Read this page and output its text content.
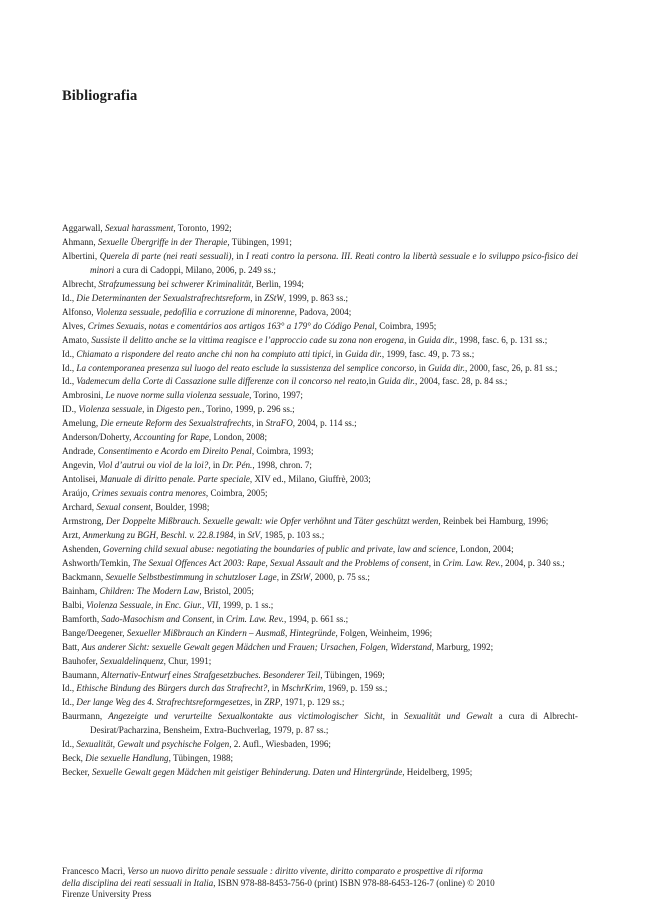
Bibliografia
Aggarwall, Sexual harassment, Toronto, 1992;
Ahmann, Sexuelle Übergriffe in der Therapie, Tübingen, 1991;
Albertini, Querela di parte (nei reati sessuali), in I reati contro la persona. III. Reati contro la libertà sessuale e lo sviluppo psico-fisico dei minori a cura di Cadoppi, Milano, 2006, p. 249 ss.;
Albrecht, Strafzumessung bei schwerer Kriminalität, Berlin, 1994;
Id., Die Determinanten der Sexualstrafrechtsreform, in ZStW, 1999, p. 863 ss.;
Alfonso, Violenza sessuale, pedofilia e corruzione di minorenne, Padova, 2004;
Alves, Crimes Sexuais, notas e comentários aos artigos 163° a 179° do Código Penal, Coimbra, 1995;
Amato, Sussiste il delitto anche se la vittima reagisce e l’approccio cade su zona non erogena, in Guida dir., 1998, fasc. 6, p. 131 ss.;
Id., Chiamato a rispondere del reato anche chi non ha compiuto atti tipici, in Guida dir., 1999, fasc. 49, p. 73 ss.;
Id., La contemporanea presenza sul luogo del reato esclude la sussistenza del semplice concorso, in Guida dir., 2000, fasc, 26, p. 81 ss.;
Id., Vademecum della Corte di Cassazione sulle differenze con il concorso nel reato,in Guida dir., 2004, fasc. 28, p. 84 ss.;
Ambrosini, Le nuove norme sulla violenza sessuale, Torino, 1997;
ID., Violenza sessuale, in Digesto pen., Torino, 1999, p. 296 ss.;
Amelung, Die erneute Reform des Sexualstrafrechts, in StraFO, 2004, p. 114 ss.;
Anderson/Doherty, Accounting for Rape, London, 2008;
Andrade, Consentimento e Acordo em Direito Penal, Coimbra, 1993;
Angevin, Viol d’autrui ou viol de la loi?, in Dr. Pén., 1998, chron. 7;
Antolisei, Manuale di diritto penale. Parte speciale, XIV ed., Milano, Giuffrè, 2003;
Araújo, Crimes sexuais contra menores, Coimbra, 2005;
Archard, Sexual consent, Boulder, 1998;
Armstrong, Der Doppelte Mißbrauch. Sexuelle gewalt: wie Opfer verhöhnt und Täter geschützt werden, Reinbek bei Hamburg, 1996;
Arzt, Anmerkung zu BGH, Beschl. v. 22.8.1984, in StV, 1985, p. 103 ss.;
Ashenden, Governing child sexual abuse: negotiating the boundaries of public and private, law and science, London, 2004;
Ashworth/Temkin, The Sexual Offences Act 2003: Rape, Sexual Assault and the Problems of consent, in Crim. Law. Rev., 2004, p. 340 ss.;
Backmann, Sexuelle Selbstbestimmung in schutzloser Lage, in ZStW, 2000, p. 75 ss.;
Bainham, Children: The Modern Law, Bristol, 2005;
Balbi, Violenza Sessuale, in Enc. Giur., VII, 1999, p. 1 ss.;
Bamforth, Sado-Masochism and Consent, in Crim. Law. Rev., 1994, p. 661 ss.;
Bange/Deegener, Sexueller Mißbrauch an Kindern – Ausmaß, Hintegründe, Folgen, Weinheim, 1996;
Batt, Aus anderer Sicht: sexuelle Gewalt gegen Mädchen und Frauen; Ursachen, Folgen, Widerstand, Marburg, 1992;
Bauhofer, Sexualdelinquenz, Chur, 1991;
Baumann, Alternativ-Entwurf eines Strafgesetzbuches. Besonderer Teil, Tübingen, 1969;
Id., Ethische Bindung des Bürgers durch das Strafrecht?, in MschrKrim, 1969, p. 159 ss.;
Id., Der lange Weg des 4. Strafrechtsreformgesetzes, in ZRP, 1971, p. 129 ss.;
Baurmann, Angezeigte und verurteilte Sexualkontakte aus victimologischer Sicht, in Sexualität und Gewalt a cura di Albrecht-Desirat/Pacharzina, Bensheim, Extra-Buchverlag, 1979, p. 87 ss.;
Id., Sexualität, Gewalt und psychische Folgen, 2. Aufl., Wiesbaden, 1996;
Beck, Die sexuelle Handlung, Tübingen, 1988;
Becker, Sexuelle Gewalt gegen Mädchen mit geistiger Behinderung. Daten und Hintergründe, Heidelberg, 1995;
Francesco Macrì, Verso un nuovo diritto penale sessuale : diritto vivente, diritto comparato e prospettive di riforma
della disciplina dei reati sessuali in Italia, ISBN 978-88-8453-756-0 (print) ISBN 978-88-6453-126-7 (online) © 2010
Firenze University Press
